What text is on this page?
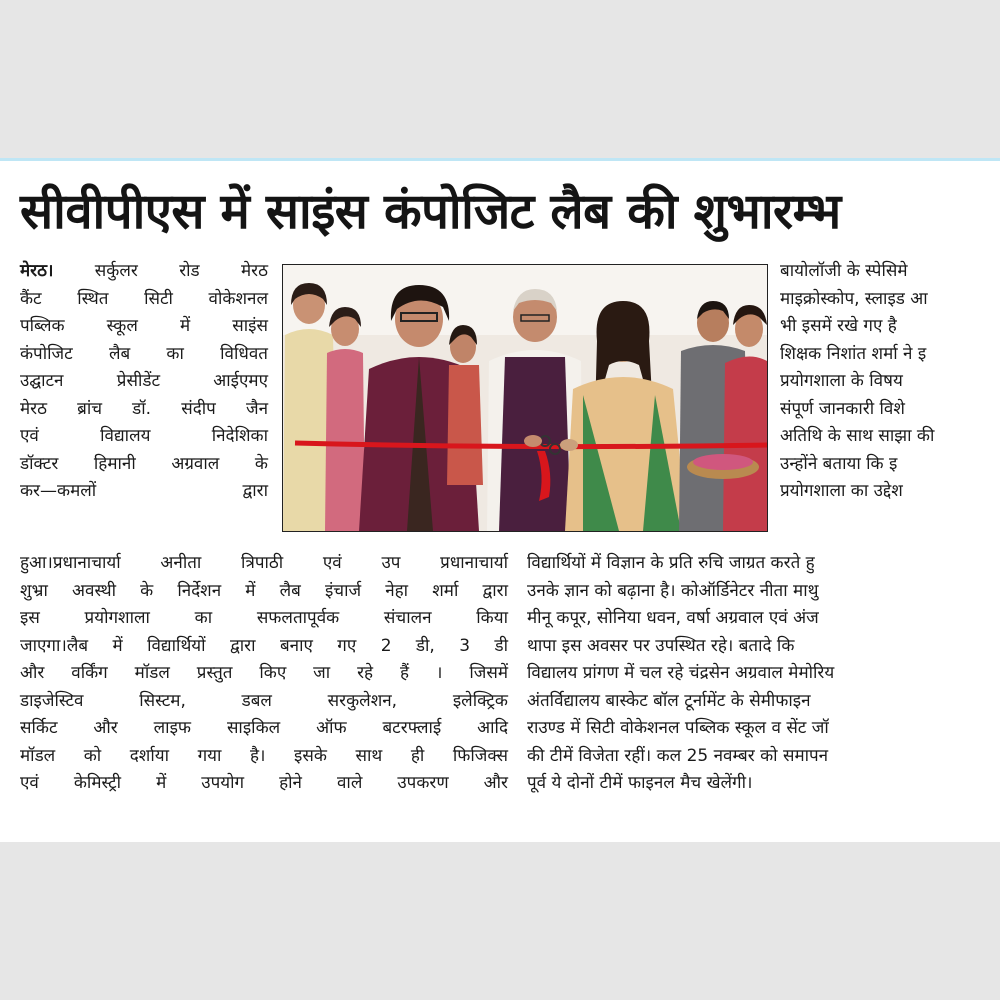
सीवीपीएस में साइंस कंपोजिट लैब की शुभारम्भ

मेरठ। सर्कुलर रोड मेरठ

कैंट स्थित सिटी वोकेशनल

पब्लिक स्कूल में साइंस

कंपोजिट लैब का विधिवत

उद्घाटन प्रेसीडेंट आईएमए

मेरठ ब्रांच डॉ. संदीप जैन

एवं विद्यालय निदेशिका

डॉक्टर हिमानी अग्रवाल के

कर—कमलों द्वारा

बायोलॉजी के स्पेसिमे

माइक्रोस्कोप, स्लाइड आ

भी इसमें रखे गए है

शिक्षक निशांत शर्मा ने इ

प्रयोगशाला के विषय

संपूर्ण जानकारी विशे

अतिथि के साथ साझा की

उन्होंने बताया कि इ

प्रयोगशाला का उद्देश

हुआ।प्रधानाचार्या अनीता त्रिपाठी एवं उप प्रधानाचार्या

शुभ्रा अवस्थी के निर्देशन में लैब इंचार्ज नेहा शर्मा द्वारा

इस प्रयोगशाला का सफलतापूर्वक संचालन किया

जाएगा।लैब में विद्यार्थियों द्वारा बनाए गए 2 डी, 3 डी

और वर्किंग मॉडल प्रस्तुत किए जा रहे हैं । जिसमें

डाइजेस्टिव सिस्टम, डबल सरकुलेशन, इलेक्ट्रिक

सर्किट और लाइफ साइकिल ऑफ बटरफ्लाई आदि

मॉडल को दर्शाया गया है। इसके साथ ही फिजिक्स

एवं केमिस्ट्री में उपयोग होने वाले उपकरण और

विद्यार्थियों में विज्ञान के प्रति रुचि जाग्रत करते हु

उनके ज्ञान को बढ़ाना है। कोऑर्डिनेटर नीता माथु

मीनू कपूर, सोनिया धवन, वर्षा अग्रवाल एवं अंज

थापा इस अवसर पर उपस्थित रहे। बतादे कि

विद्यालय प्रांगण में चल रहे चंद्रसेन अग्रवाल मेमोरिय

अंतर्विद्यालय बास्केट बॉल टूर्नामेंट के सेमीफाइन

राउण्ड में सिटी वोकेशनल पब्लिक स्कूल व सेंट जॉ

की टीमें विजेता रहीं। कल 25 नवम्बर को समापन

पूर्व ये दोनों टीमें फाइनल मैच खेलेंगी।
